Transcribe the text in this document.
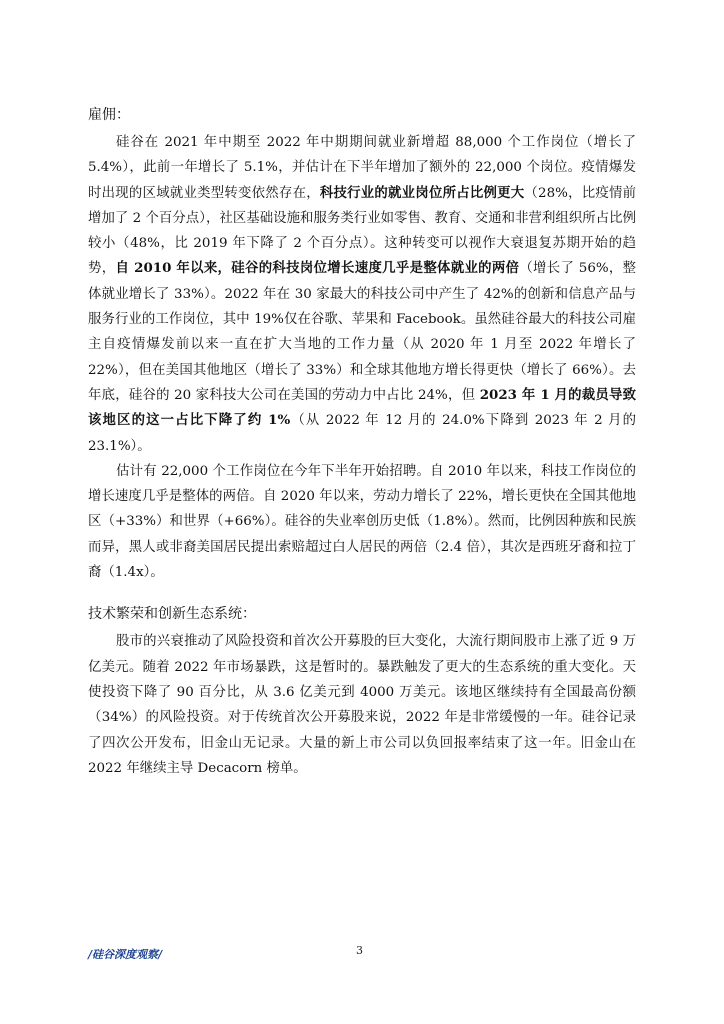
雇佣：

硅谷在 2021 年中期至 2022 年中期期间就业新增超 88,000 个工作岗位（增长了 5.4%），此前一年增长了 5.1%，并估计在下半年增加了额外的 22,000 个岗位。疫情爆发时出现的区域就业类型转变依然存在，科技行业的就业岗位所占比例更大（28%，比疫情前增加了 2 个百分点），社区基础设施和服务类行业如零售、教育、交通和非营利组织所占比例较小（48%，比 2019 年下降了 2 个百分点）。这种转变可以视作大衰退复苏期开始的趋势，自 2010 年以来，硅谷的科技岗位增长速度几乎是整体就业的两倍（增长了 56%，整体就业增长了 33%）。2022 年在 30 家最大的科技公司中产生了 42%的创新和信息产品与服务行业的工作岗位，其中 19%仅在谷歌、苹果和 Facebook。虽然硅谷最大的科技公司雇主自疫情爆发前以来一直在扩大当地的工作力量（从 2020 年 1 月至 2022 年增长了 22%），但在美国其他地区（增长了 33%）和全球其他地方增长得更快（增长了 66%）。去年底，硅谷的 20 家科技大公司在美国的劳动力中占比 24%，但 2023 年 1 月的裁员导致该地区的这一占比下降了约 1%（从 2022 年 12 月的 24.0%下降到 2023 年 2 月的 23.1%）。

估计有 22,000 个工作岗位在今年下半年开始招聘。自 2010 年以来，科技工作岗位的增长速度几乎是整体的两倍。自 2020 年以来，劳动力增长了 22%，增长更快在全国其他地区（+33%）和世界（+66%）。硅谷的失业率创历史低（1.8%）。然而，比例因种族和民族而异，黑人或非裔美国居民提出索赔超过白人居民的两倍（2.4 倍），其次是西班牙裔和拉丁裔（1.4x）。

技术繁荣和创新生态系统：

股市的兴衰推动了风险投资和首次公开募股的巨大变化，大流行期间股市上涨了近 9 万亿美元。随着 2022 年市场暴跌，这是暂时的。暴跌触发了更大的生态系统的重大变化。天使投资下降了 90 百分比，从 3.6 亿美元到 4000 万美元。该地区继续持有全国最高份额（34%）的风险投资。对于传统首次公开募股来说，2022 年是非常缓慢的一年。硅谷记录了四次公开发布，旧金山无记录。大量的新上市公司以负回报率结束了这一年。旧金山在 2022 年继续主导 Decacorn 榜单。

/硅谷深度观察/	3
